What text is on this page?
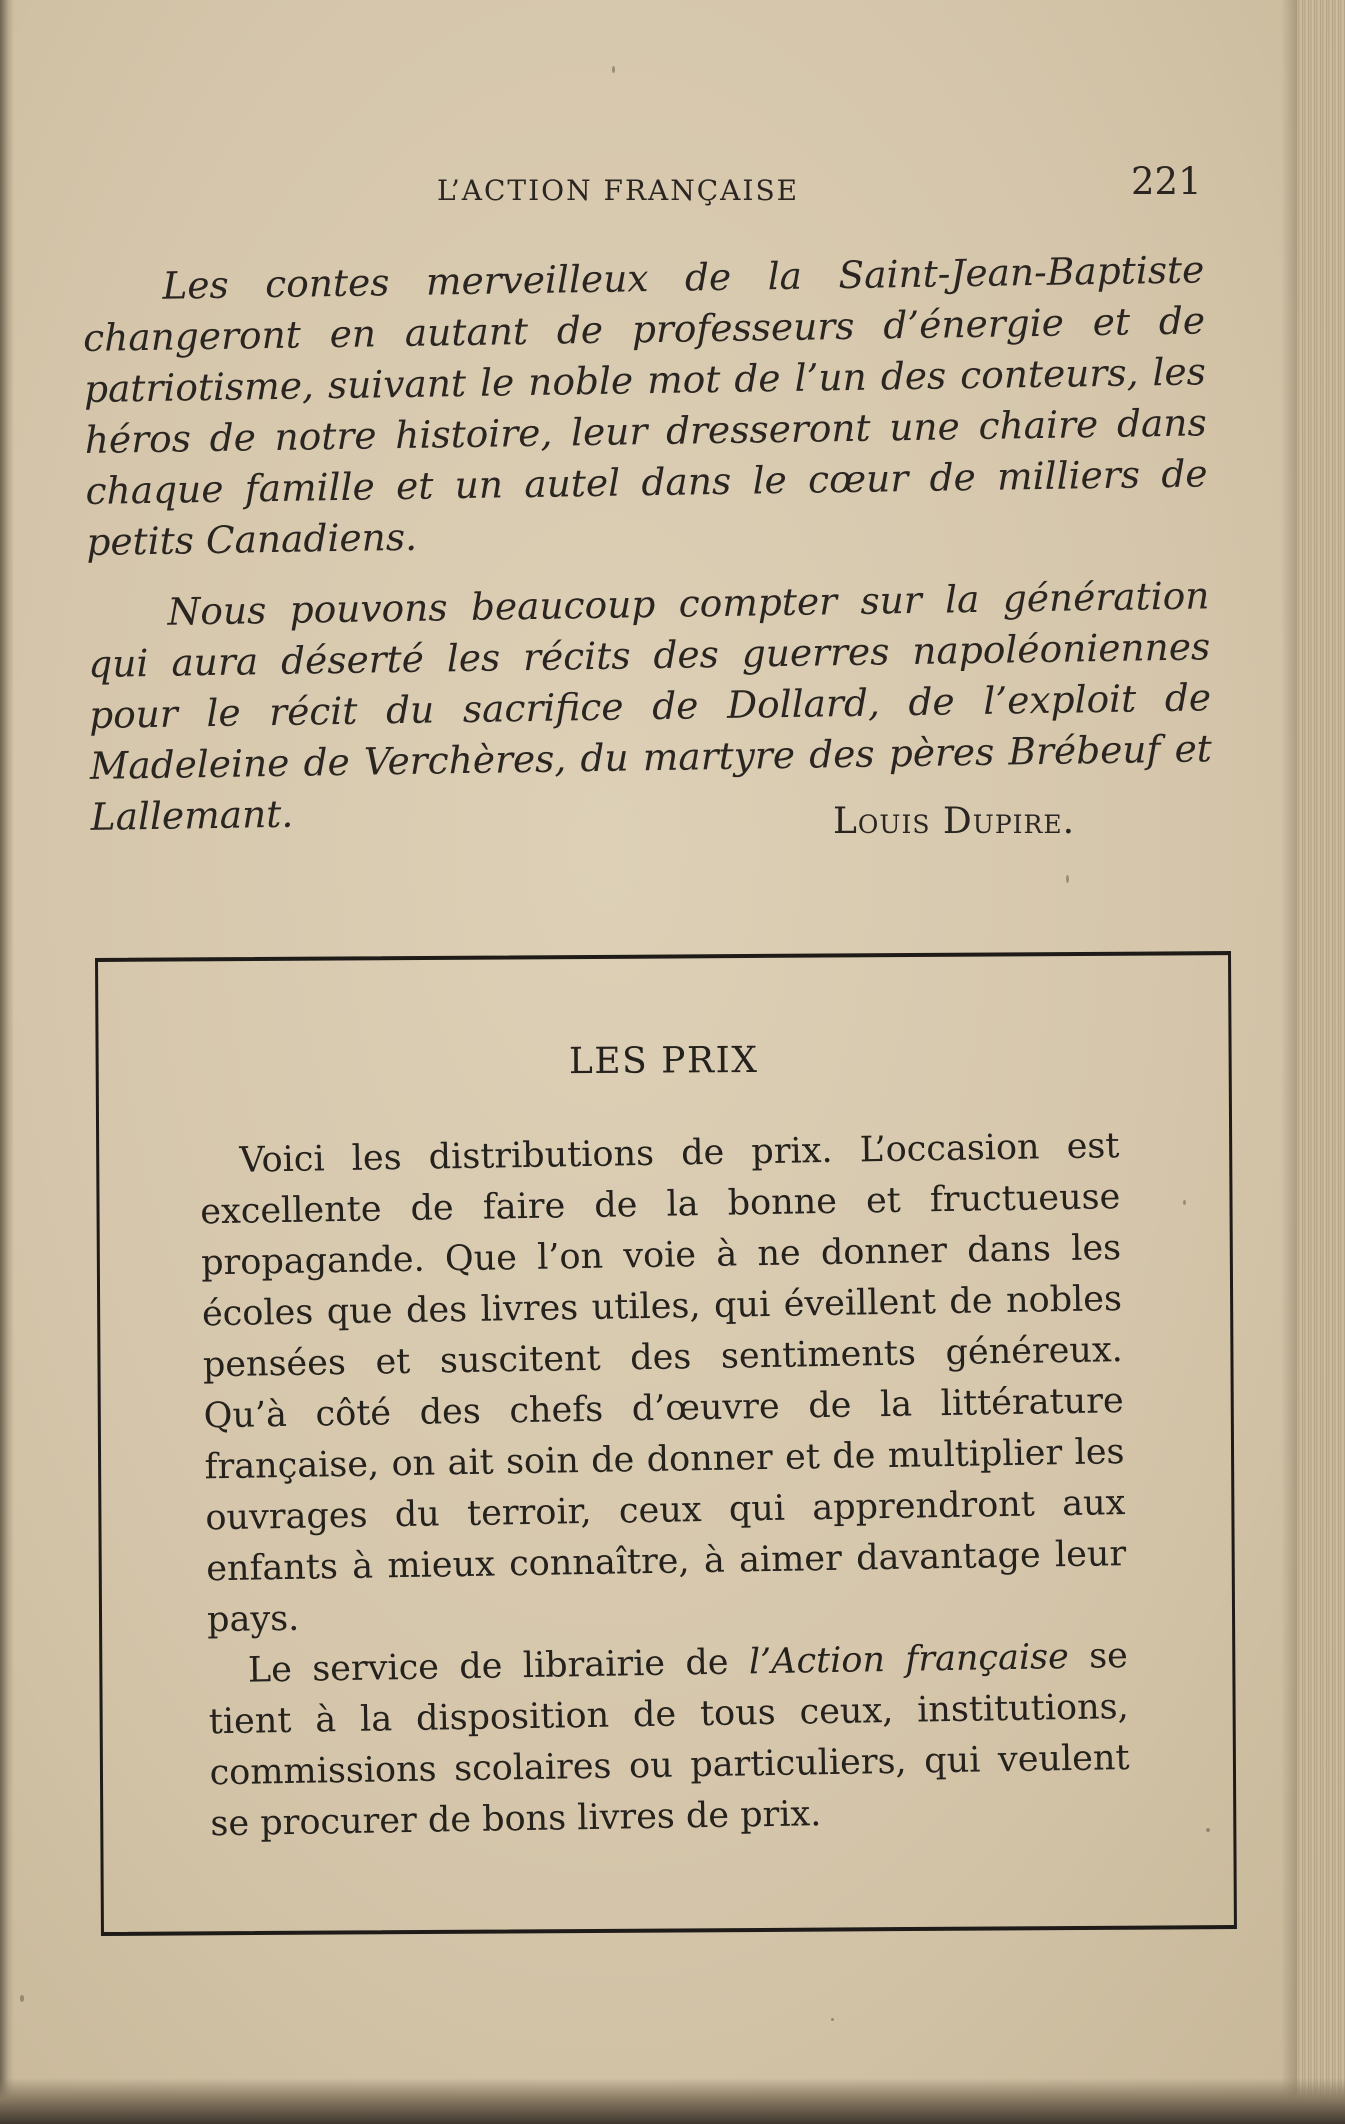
L’ACTION FRANÇAISE	221

Les contes merveilleux de la Saint-Jean-Baptiste changeront en autant de professeurs d’énergie et de patriotisme, suivant le noble mot de l’un des conteurs, les héros de notre histoire, leur dresseront une chaire dans chaque famille et un autel dans le cœur de milliers de petits Canadiens.

Nous pouvons beaucoup compter sur la génération qui aura déserté les récits des guerres napoléoniennes pour le récit du sacrifice de Dollard, de l’exploit de Madeleine de Verchères, du martyre des pères Brébeuf et Lallemant.	Louis Dupire.
LES PRIX

Voici les distributions de prix. L’occasion est excellente de faire de la bonne et fructueuse propagande. Que l’on voie à ne donner dans les écoles que des livres utiles, qui éveillent de nobles pensées et suscitent des sentiments généreux. Qu’à côté des chefs d’œuvre de la littérature française, on ait soin de donner et de multiplier les ouvrages du terroir, ceux qui apprendront aux enfants à mieux connaître, à aimer davantage leur pays.

Le service de librairie de l’Action française se tient à la disposition de tous ceux, institutions, commissions scolaires ou particuliers, qui veulent se procurer de bons livres de prix.
